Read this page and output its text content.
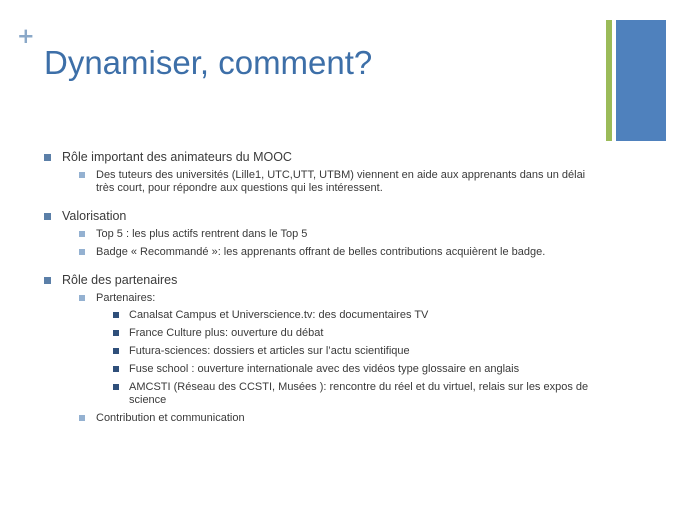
+
Dynamiser, comment?
Rôle important des animateurs du MOOC
Des tuteurs des universités (Lille1, UTC,UTT, UTBM) viennent en aide aux apprenants dans un délai très court, pour répondre aux questions qui les intéressent.
Valorisation
Top 5 : les plus actifs rentrent dans le Top 5
Badge « Recommandé »: les apprenants offrant de belles contributions acquièrent le badge.
Rôle des partenaires
Partenaires:
Canalsat Campus et Universcience.tv: des documentaires TV
France Culture plus: ouverture du débat
Futura-sciences: dossiers et articles sur l’actu scientifique
Fuse school : ouverture internationale avec des vidéos type glossaire en anglais
AMCSTI (Réseau des CCSTI, Musées ): rencontre du réel et du virtuel, relais sur les expos de science
Contribution et communication
